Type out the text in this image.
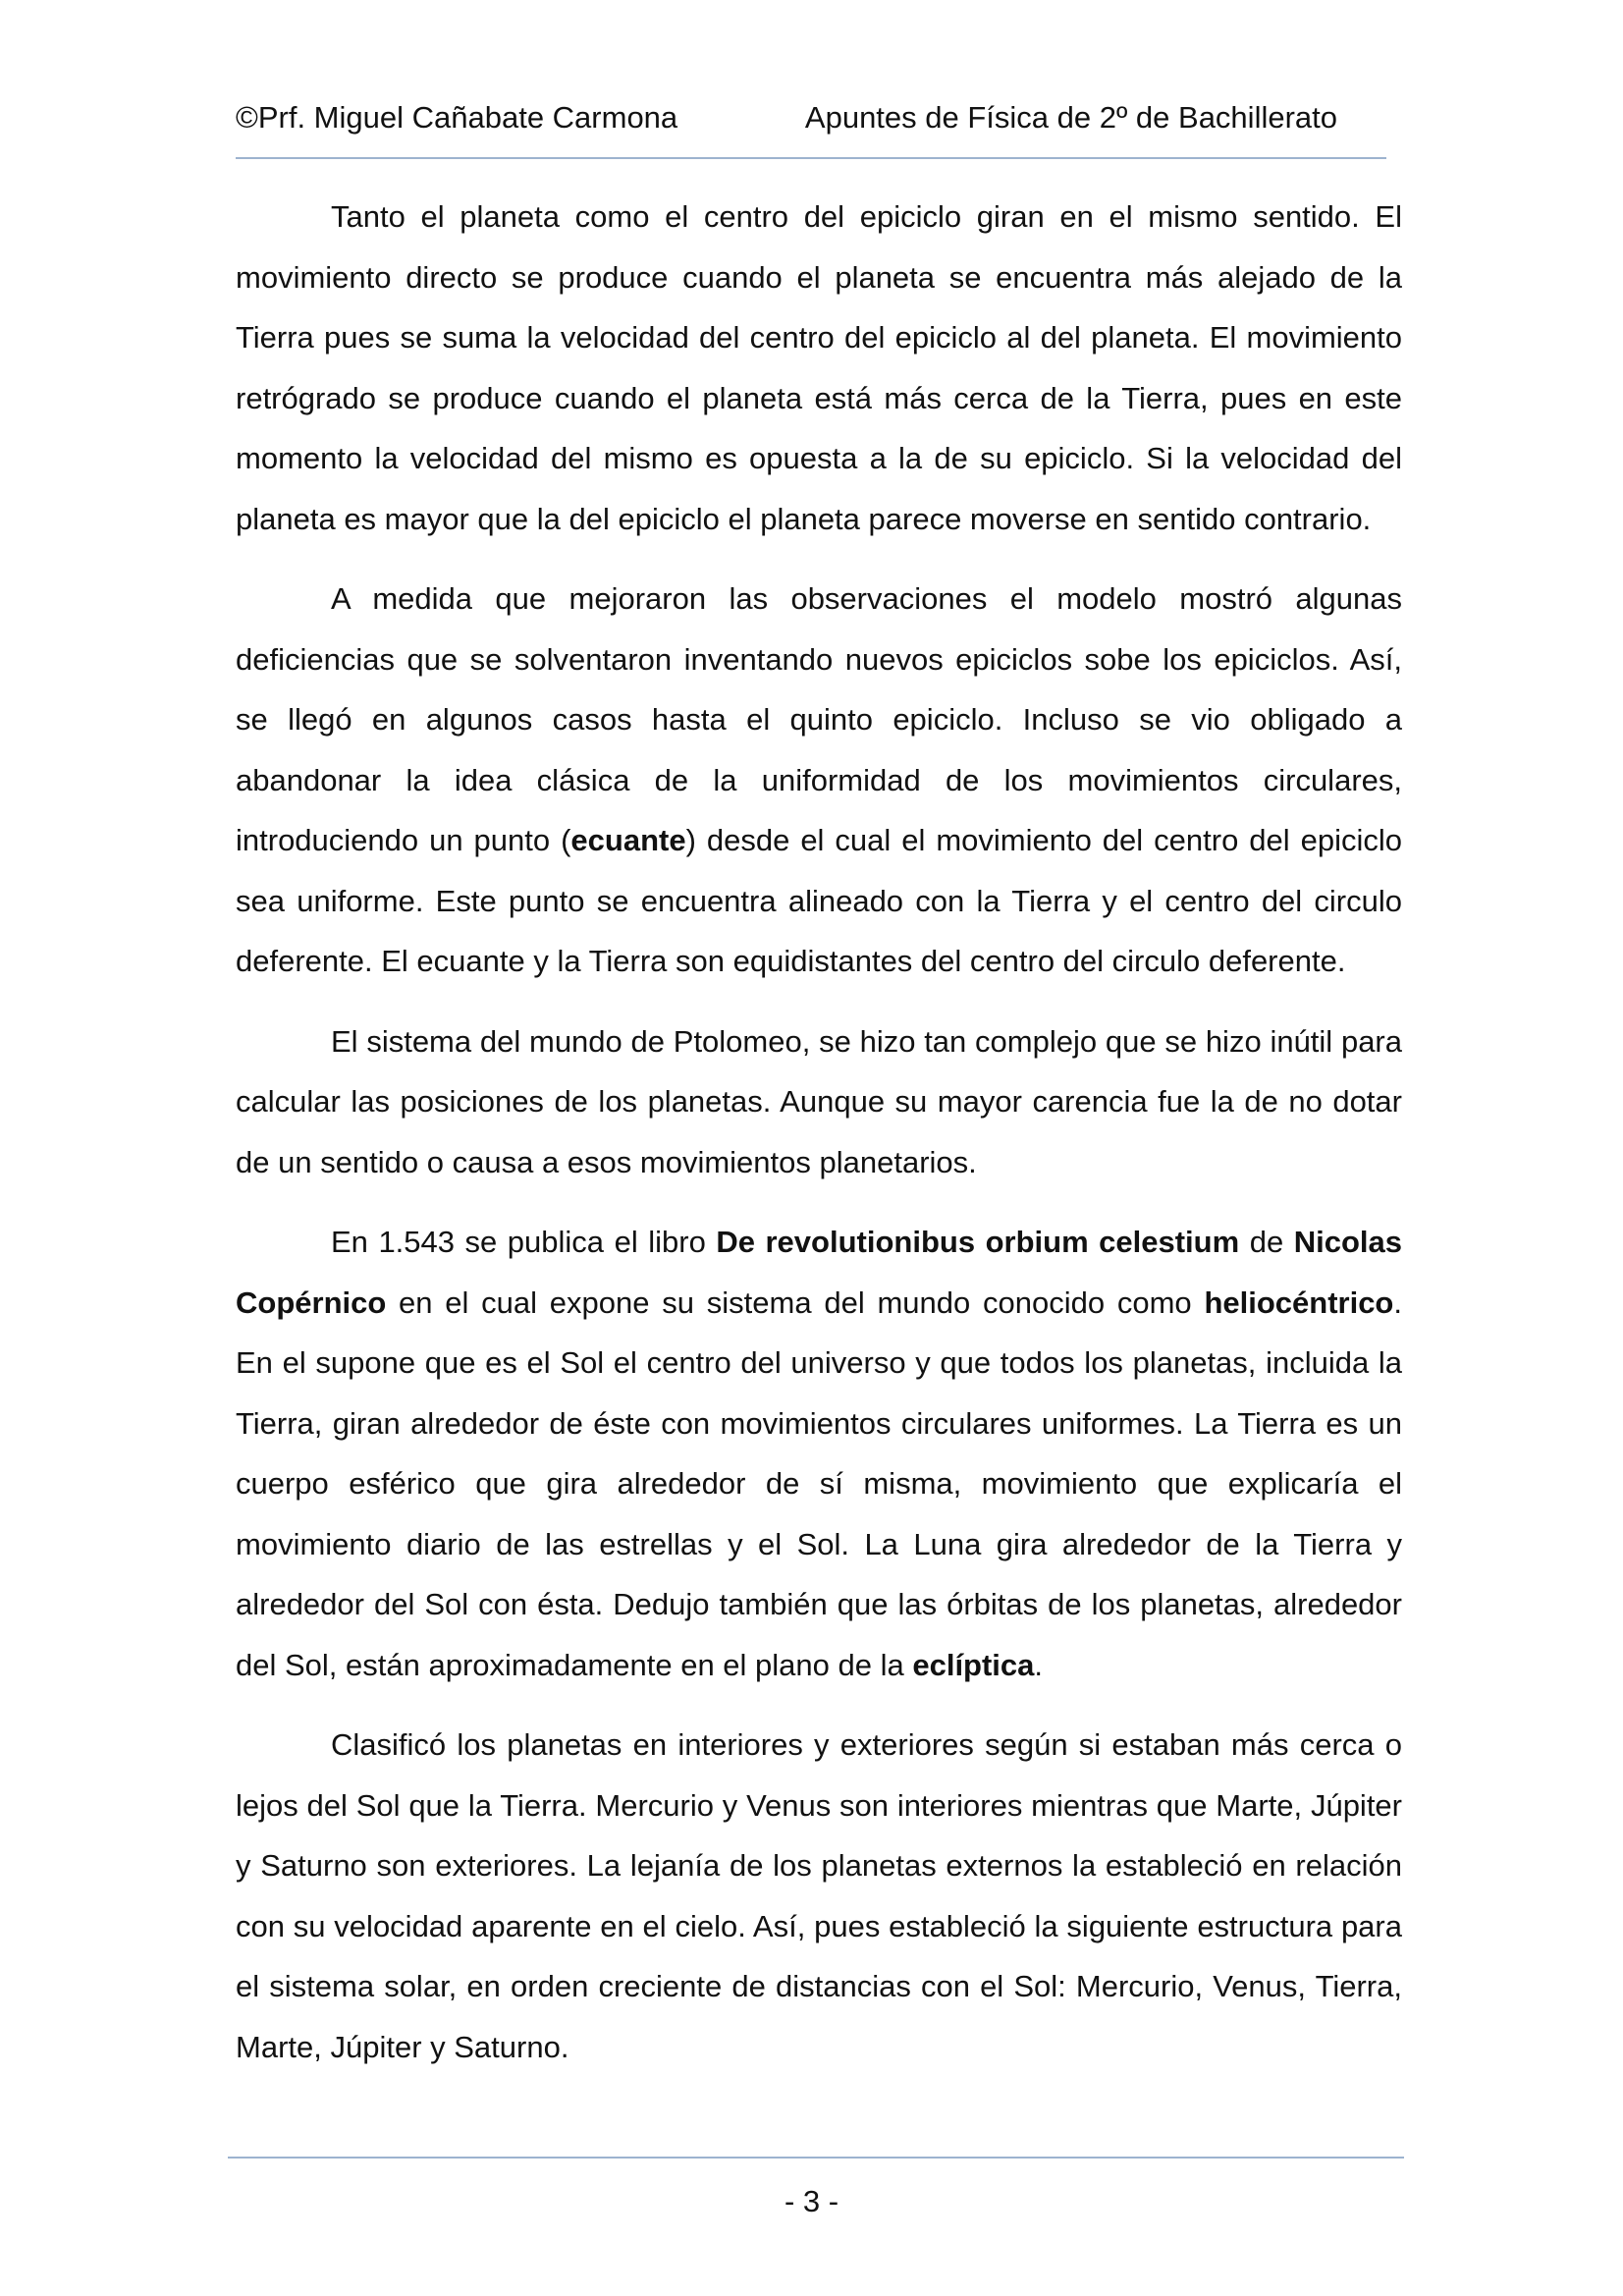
©Prf. Miguel Cañabate Carmona	Apuntes de Física de 2º de Bachillerato

Tanto el planeta como el centro del epiciclo giran en el mismo sentido. El movimiento directo se produce cuando el planeta se encuentra más alejado de la Tierra pues se suma la velocidad del centro del epiciclo al del planeta. El movimiento retrógrado se produce cuando el planeta está más cerca de la Tierra, pues en este momento la velocidad del mismo es opuesta a la de su epiciclo. Si la velocidad del planeta es mayor que la del epiciclo el planeta parece moverse en sentido contrario.

A medida que mejoraron las observaciones el modelo mostró algunas deficiencias que se solventaron inventando nuevos epiciclos sobe los epiciclos. Así, se llegó en algunos casos hasta el quinto epiciclo. Incluso se vio obligado a abandonar la idea clásica de la uniformidad de los movimientos circulares, introduciendo un punto (ecuante) desde el cual el movimiento del centro del epiciclo sea uniforme. Este punto se encuentra alineado con la Tierra y el centro del circulo deferente. El ecuante y la Tierra son equidistantes del centro del circulo deferente.

El sistema del mundo de Ptolomeo, se hizo tan complejo que se hizo inútil para calcular las posiciones de los planetas. Aunque su mayor carencia fue la de no dotar de un sentido o causa a esos movimientos planetarios.

En 1.543 se publica el libro De revolutionibus orbium celestium de Nicolas Copérnico en el cual expone su sistema del mundo conocido como heliocéntrico. En el supone que es el Sol el centro del universo y que todos los planetas, incluida la Tierra, giran alrededor de éste con movimientos circulares uniformes. La Tierra es un cuerpo esférico que gira alrededor de sí misma, movimiento que explicaría el movimiento diario de las estrellas y el Sol. La Luna gira alrededor de la Tierra y alrededor del Sol con ésta. Dedujo también que las órbitas de los planetas, alrededor del Sol, están aproximadamente en el plano de la eclíptica.

Clasificó los planetas en interiores y exteriores según si estaban más cerca o lejos del Sol que la Tierra. Mercurio y Venus son interiores mientras que Marte, Júpiter y Saturno son exteriores. La lejanía de los planetas externos la estableció en relación con su velocidad aparente en el cielo. Así, pues estableció la siguiente estructura para el sistema solar, en orden creciente de distancias con el Sol: Mercurio, Venus, Tierra, Marte, Júpiter y Saturno.

- 3 -
